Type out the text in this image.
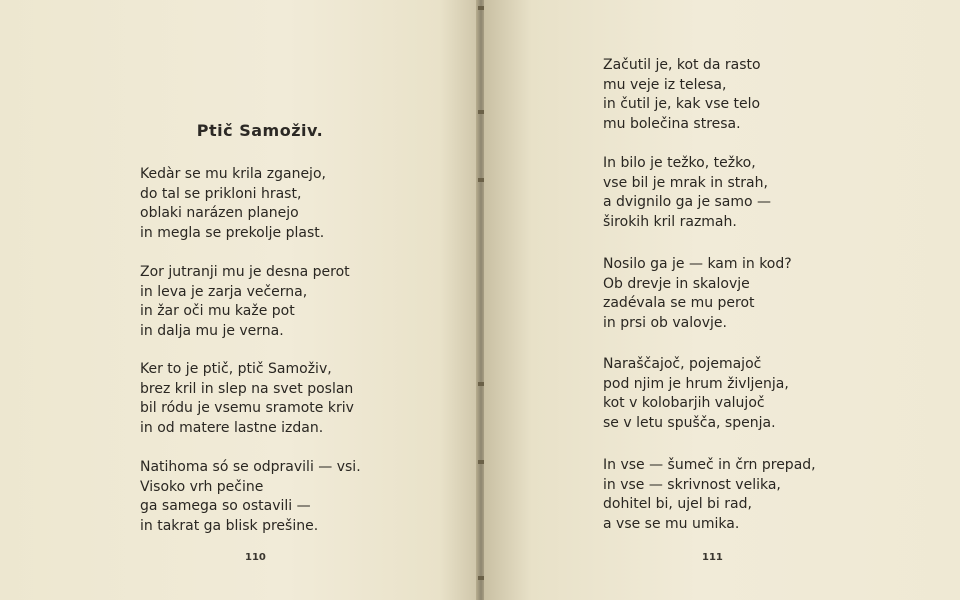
Ptič Samoživ.
Kedàr se mu krila zganejo,
do tal se prikloni hrast,
oblaki narázen planejo
in megla se prekolje plast.
Zor jutranji mu je desna perot
in leva je zarja večerna,
in žar oči mu kaže pot
in dalja mu je verna.
Ker to je ptič, ptič Samoživ,
brez kril in slep na svet poslan
bil ródu je vsemu sramote kriv
in od matere lastne izdan.
Natihoma só se odpravili — vsi.
Visoko vrh pečine
ga samega so ostavili —
in takrat ga blisk prešine.
110
Začutil je, kot da rasto
mu veje iz telesa,
in čutil je, kak vse telo
mu bolečina stresa.
In bilo je težko, težko,
vse bil je mrak in strah,
a dvignilo ga je samo —
širokih kril razmah.
Nosilo ga je — kam in kod?
Ob drevje in skalovje
zadévala se mu perot
in prsi ob valovje.
Naraščajoč, pojemajoč
pod njim je hrum življenja,
kot v kolobarjih valujoč
se v letu spušča, spenja.
In vse — šumeč in črn prepad,
in vse — skrivnost velika,
dohitel bi, ujel bi rad,
a vse se mu umika.
111
